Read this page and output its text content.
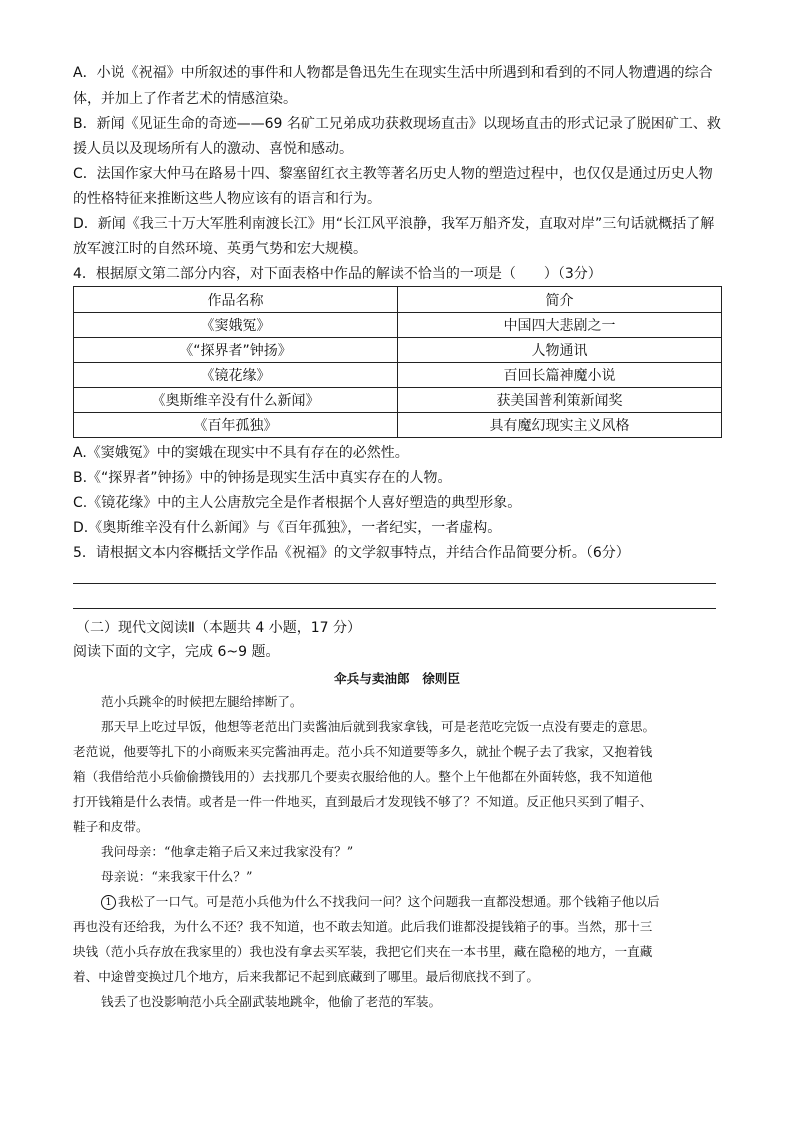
A．小说《祝福》中所叙述的事件和人物都是鲁迅先生在现实生活中所遇到和看到的不同人物遭遇的综合
体，并加上了作者艺术的情感渲染。
B．新闻《见证生命的奇迹——69 名矿工兄弟成功获救现场直击》以现场直击的形式记录了脱困矿工、救
援人员以及现场所有人的激动、喜悦和感动。
C．法国作家大仲马在路易十四、黎塞留红衣主教等著名历史人物的塑造过程中，也仅仅是通过历史人物
的性格特征来推断这些人物应该有的语言和行为。
D．新闻《我三十万大军胜利南渡长江》用“长江风平浪静，我军万船齐发，直取对岸”三句话就概括了解
放军渡江时的自然环境、英勇气势和宏大规模。
4．根据原文第二部分内容，对下面表格中作品的解读不恰当的一项是（　　）（3分）
作品名称	简介
《窦娥冤》	中国四大悲剧之一
《“探界者”钟扬》	人物通讯
《镜花缘》	百回长篇神魔小说
《奥斯维辛没有什么新闻》	获美国普利策新闻奖
《百年孤独》	具有魔幻现实主义风格
A.《窦娥冤》中的窦娥在现实中不具有存在的必然性。
B.《“探界者”钟扬》中的钟扬是现实生活中真实存在的人物。
C.《镜花缘》中的主人公唐敖完全是作者根据个人喜好塑造的典型形象。
D.《奥斯维辛没有什么新闻》与《百年孤独》，一者纪实，一者虚构。
5．请根据文本内容概括文学作品《祝福》的文学叙事特点，并结合作品简要分析。（6分）
（二）现代文阅读Ⅱ（本题共 4 小题，17 分）
阅读下面的文字，完成 6~9 题。
伞兵与卖油郎　徐则臣
范小兵跳伞的时候把左腿给摔断了。
那天早上吃过早饭，他想等老范出门卖酱油后就到我家拿钱，可是老范吃完饭一点没有要走的意思。
老范说，他要等扎下的小商贩来买完酱油再走。范小兵不知道要等多久，就扯个幌子去了我家，又抱着钱
箱（我借给范小兵偷偷攒钱用的）去找那几个要卖衣服给他的人。整个上午他都在外面转悠，我不知道他
打开钱箱是什么表情。或者是一件一件地买，直到最后才发现钱不够了？不知道。反正他只买到了帽子、
鞋子和皮带。
我问母亲：“他拿走箱子后又来过我家没有？”
母亲说：“来我家干什么？”
1 我松了一口气。可是范小兵他为什么不找我问一问？这个问题我一直都没想通。那个钱箱子他以后
再也没有还给我，为什么不还？我不知道，也不敢去知道。此后我们谁都没提钱箱子的事。当然，那十三
块钱（范小兵存放在我家里的）我也没有拿去买军装，我把它们夹在一本书里，藏在隐秘的地方，一直藏
着、中途曾变换过几个地方，后来我都记不起到底藏到了哪里。最后彻底找不到了。
钱丢了也没影响范小兵全副武装地跳伞，他偷了老范的军装。
